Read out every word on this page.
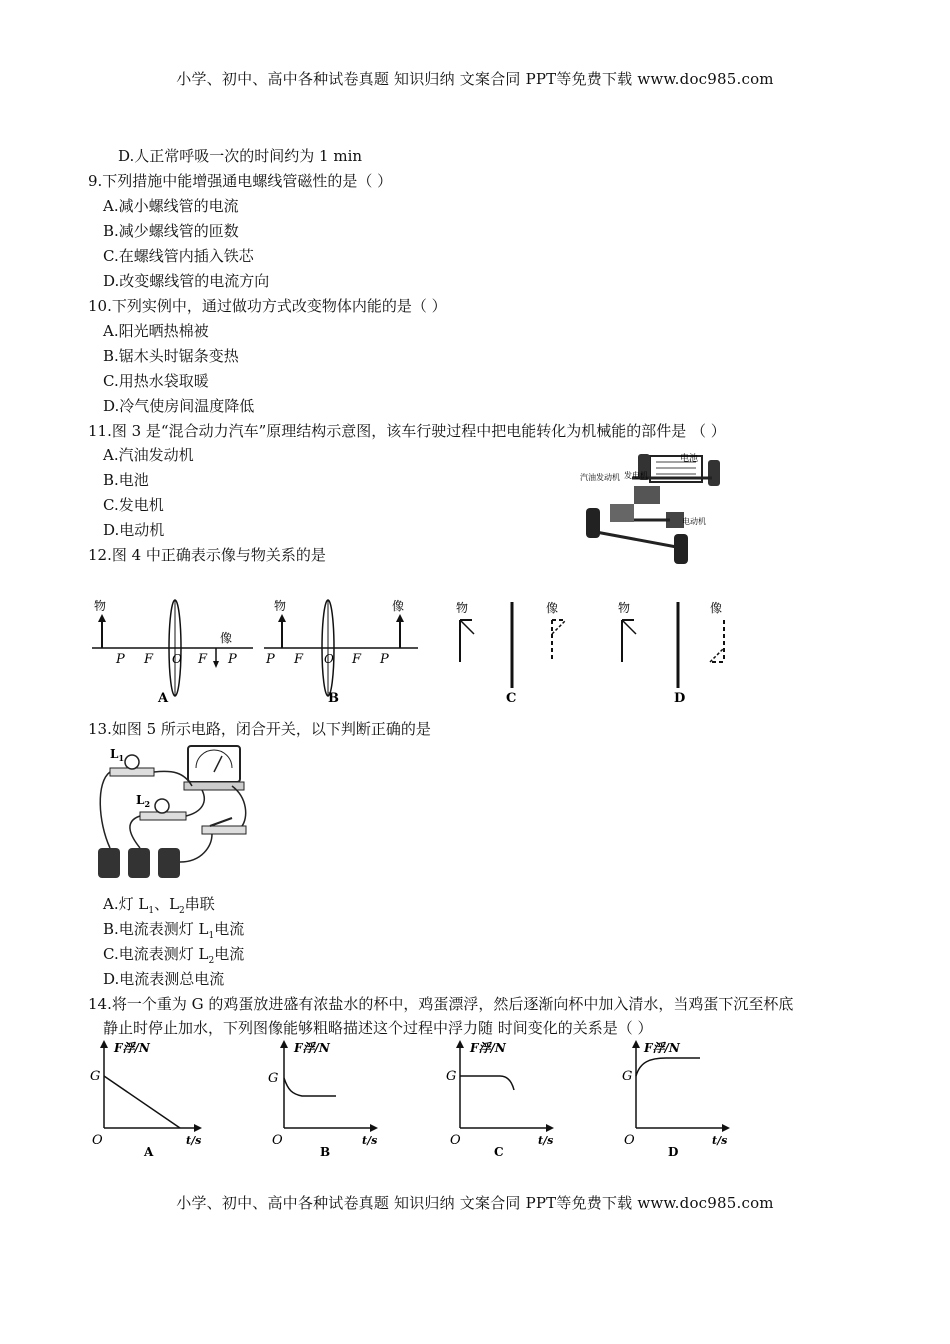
小学、初中、高中各种试卷真题 知识归纳 文案合同 PPT等免费下载 www.doc985.com
D.人正常呼吸一次的时间约为 1 min
9.下列措施中能增强通电螺线管磁性的是（ ）
A.减小螺线管的电流
B.减少螺线管的匝数
C.在螺线管内插入铁芯
D.改变螺线管的电流方向
10.下列实例中，通过做功方式改变物体内能的是（ ）
A.阳光晒热棉被
B.锯木头时锯条变热
C.用热水袋取暖
D.冷气使房间温度降低
11.图 3 是“混合动力汽车”原理结构示意图，该车行驶过程中把电能转化为机械能的部件是 （ ）
A.汽油发动机
B.电池
C.发电机
D.电动机
电池
汽油发动机 发电机
电动机
12.图 4 中正确表示像与物关系的是
物
像
P F O F P
A
物	像
P F O F P
B
物	像
C
物	像
D
13.如图 5 所示电路，闭合开关，以下判断正确的是
$L_1$
$L_2$
A.灯 $L_1$、$L_2$串联
B.电流表测灯 $L_1$电流
C.电流表测灯 $L_2$电流
D.电流表测总电流
14.将一个重为 G 的鸡蛋放进盛有浓盐水的杯中，鸡蛋漂浮，然后逐渐向杯中加入清水，当鸡蛋下沉至杯底
静止时停止加水，下列图像能够粗略描述这个过程中浮力随 时间变化的关系是（ ）
F浮/N
G
O	t/s
A
F浮/N
G
O	t/s
B
F浮/N
G
O	t/s
C
F浮/N
G
O	t/s
D
小学、初中、高中各种试卷真题 知识归纳 文案合同 PPT等免费下载 www.doc985.com
